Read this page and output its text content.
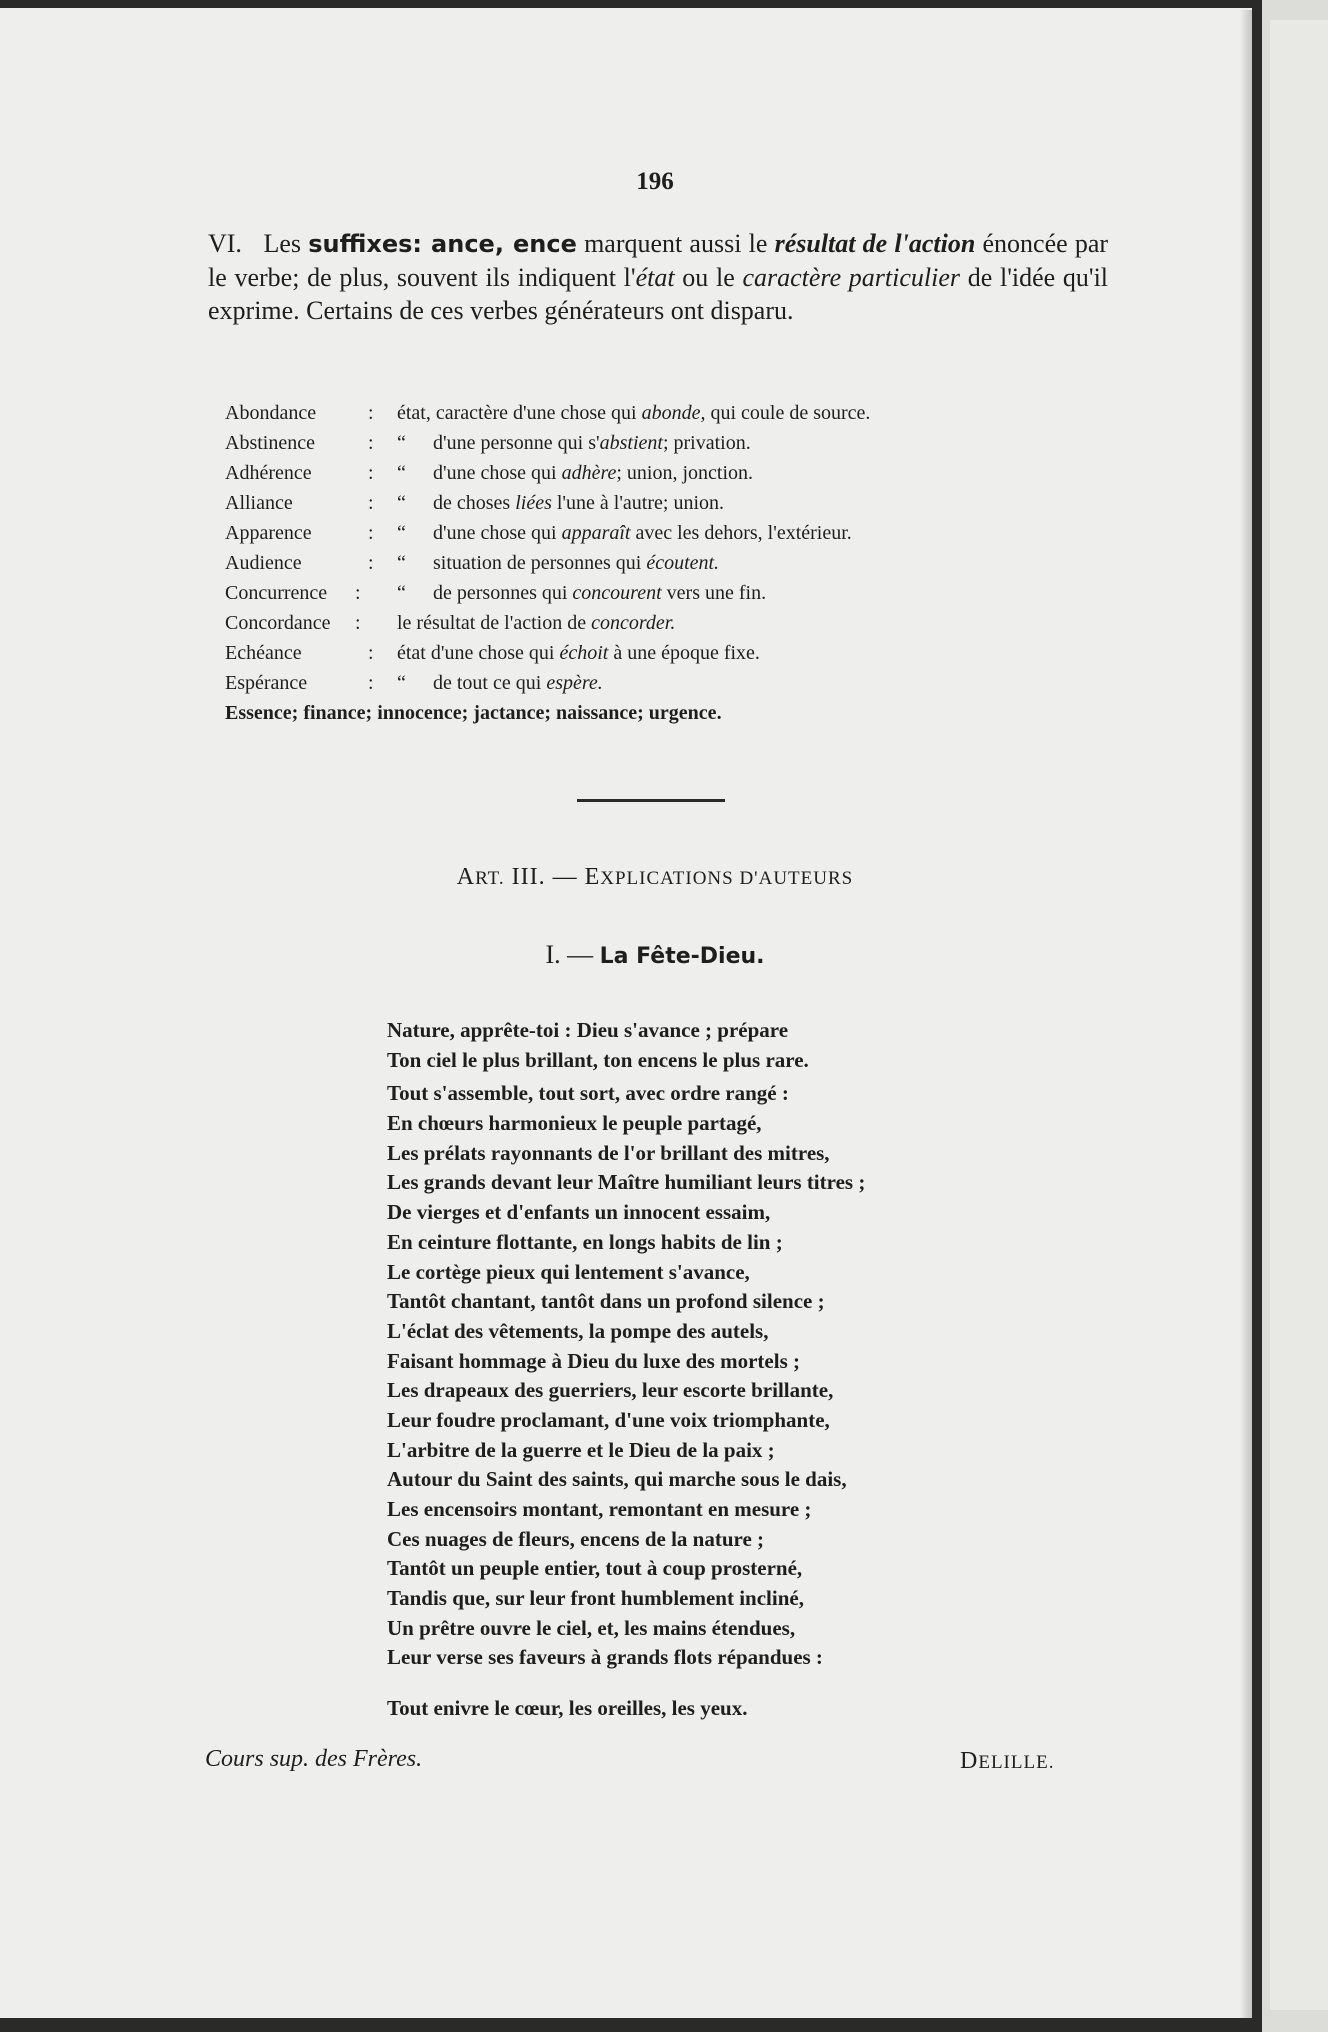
196
VI. Les suffixes: ance, ence marquent aussi le résultat de l'action énoncée par le verbe; de plus, souvent ils indiquent l'état ou le caractère particulier de l'idée qu'il exprime. Certains de ces verbes générateurs ont disparu.
Abondance	: état, caractère d'une chose qui abonde, qui coule de source.
Abstinence	: “ d'une personne qui s'abstient; privation.
Adhérence	: “ d'une chose qui adhère; union, jonction.
Alliance	: “ de choses liées l'une à l'autre; union.
Apparence	: “ d'une chose qui apparaît avec les dehors, l'extérieur.
Audience	: “ situation de personnes qui écoutent.
Concurrence : “ de personnes qui concourent vers une fin.
Concordance : le résultat de l'action de concorder.
Echéance	: état d'une chose qui échoit à une époque fixe.
Espérance	: “ de tout ce qui espère.
Essence; finance; innocence; jactance; naissance; urgence.
ART. III. — EXPLICATIONS D'AUTEURS
I. — La Fête-Dieu.
Nature, apprête-toi : Dieu s'avance ; prépare
Ton ciel le plus brillant, ton encens le plus rare.
Tout s'assemble, tout sort, avec ordre rangé :
En chœurs harmonieux le peuple partagé,
Les prélats rayonnants de l'or brillant des mitres,
Les grands devant leur Maître humiliant leurs titres ;
De vierges et d'enfants un innocent essaim,
En ceinture flottante, en longs habits de lin ;
Le cortège pieux qui lentement s'avance,
Tantôt chantant, tantôt dans un profond silence ;
L'éclat des vêtements, la pompe des autels,
Faisant hommage à Dieu du luxe des mortels ;
Les drapeaux des guerriers, leur escorte brillante,
Leur foudre proclamant, d'une voix triomphante,
L'arbitre de la guerre et le Dieu de la paix ;
Autour du Saint des saints, qui marche sous le dais,
Les encensoirs montant, remontant en mesure ;
Ces nuages de fleurs, encens de la nature ;
Tantôt un peuple entier, tout à coup prosterné,
Tandis que, sur leur front humblement incliné,
Un prêtre ouvre le ciel, et, les mains étendues,
Leur verse ses faveurs à grands flots répandues :
Tout enivre le cœur, les oreilles, les yeux.
Cours sup. des Frères.	DELILLE.
